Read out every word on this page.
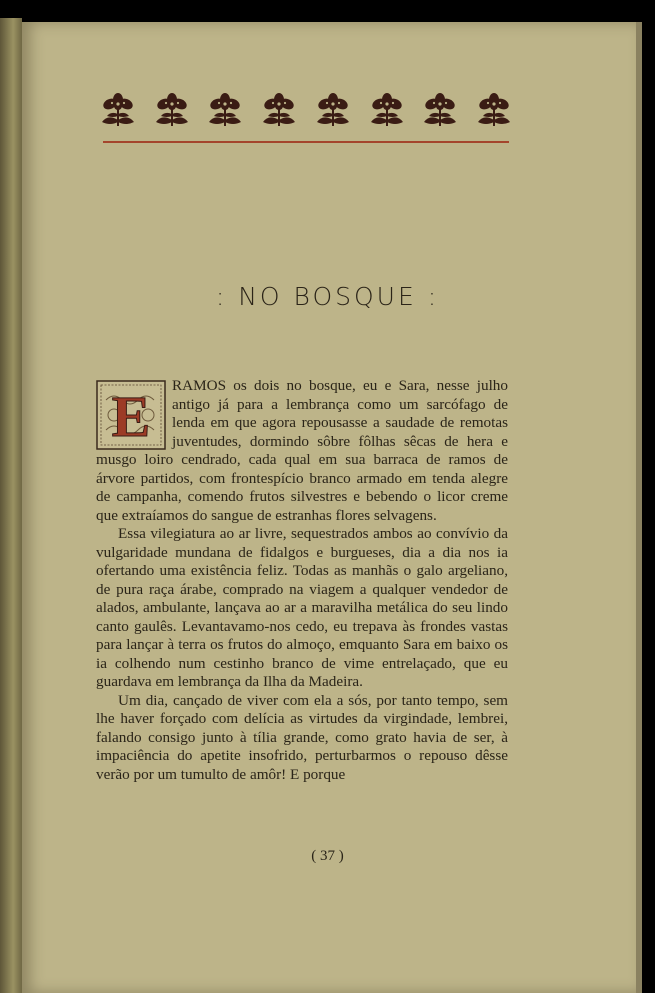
: NO BOSQUE :

E RAMOS os dois no bosque, eu e Sara, nesse julho antigo já para a lembrança como um sarcófago de lenda em que agora repousasse a saudade de remotas juventudes, dormindo sôbre fôlhas sêcas de hera e musgo loiro cendrado, cada qual em sua barraca de ramos de árvore partidos, com frontespício branco armado em tenda alegre de campanha, comendo frutos silvestres e bebendo o licor creme que extraíamos do sangue de estranhas flores selvagens.

Essa vilegiatura ao ar livre, sequestrados ambos ao convívio da vulgaridade mundana de fidalgos e burgueses, dia a dia nos ia ofertando uma existência feliz. Todas as manhãs o galo argeliano, de pura raça árabe, comprado na viagem a qualquer vendedor de alados, ambulante, lançava ao ar a maravilha metálica do seu lindo canto gaulês. Levantavamo-nos cedo, eu trepava às frondes vastas para lançar à terra os frutos do almoço, emquanto Sara em baixo os ia colhendo num cestinho branco de vime entrelaçado, que eu guardava em lembrança da Ilha da Madeira.

Um dia, cançado de viver com ela a sós, por tanto tempo, sem lhe haver forçado com delícia as virtudes da virgindade, lembrei, falando consigo junto à tília grande, como grato havia de ser, à impaciência do apetite insofrido, perturbarmos o repouso dêsse verão por um tumulto de amôr! E porque

( 37 )
